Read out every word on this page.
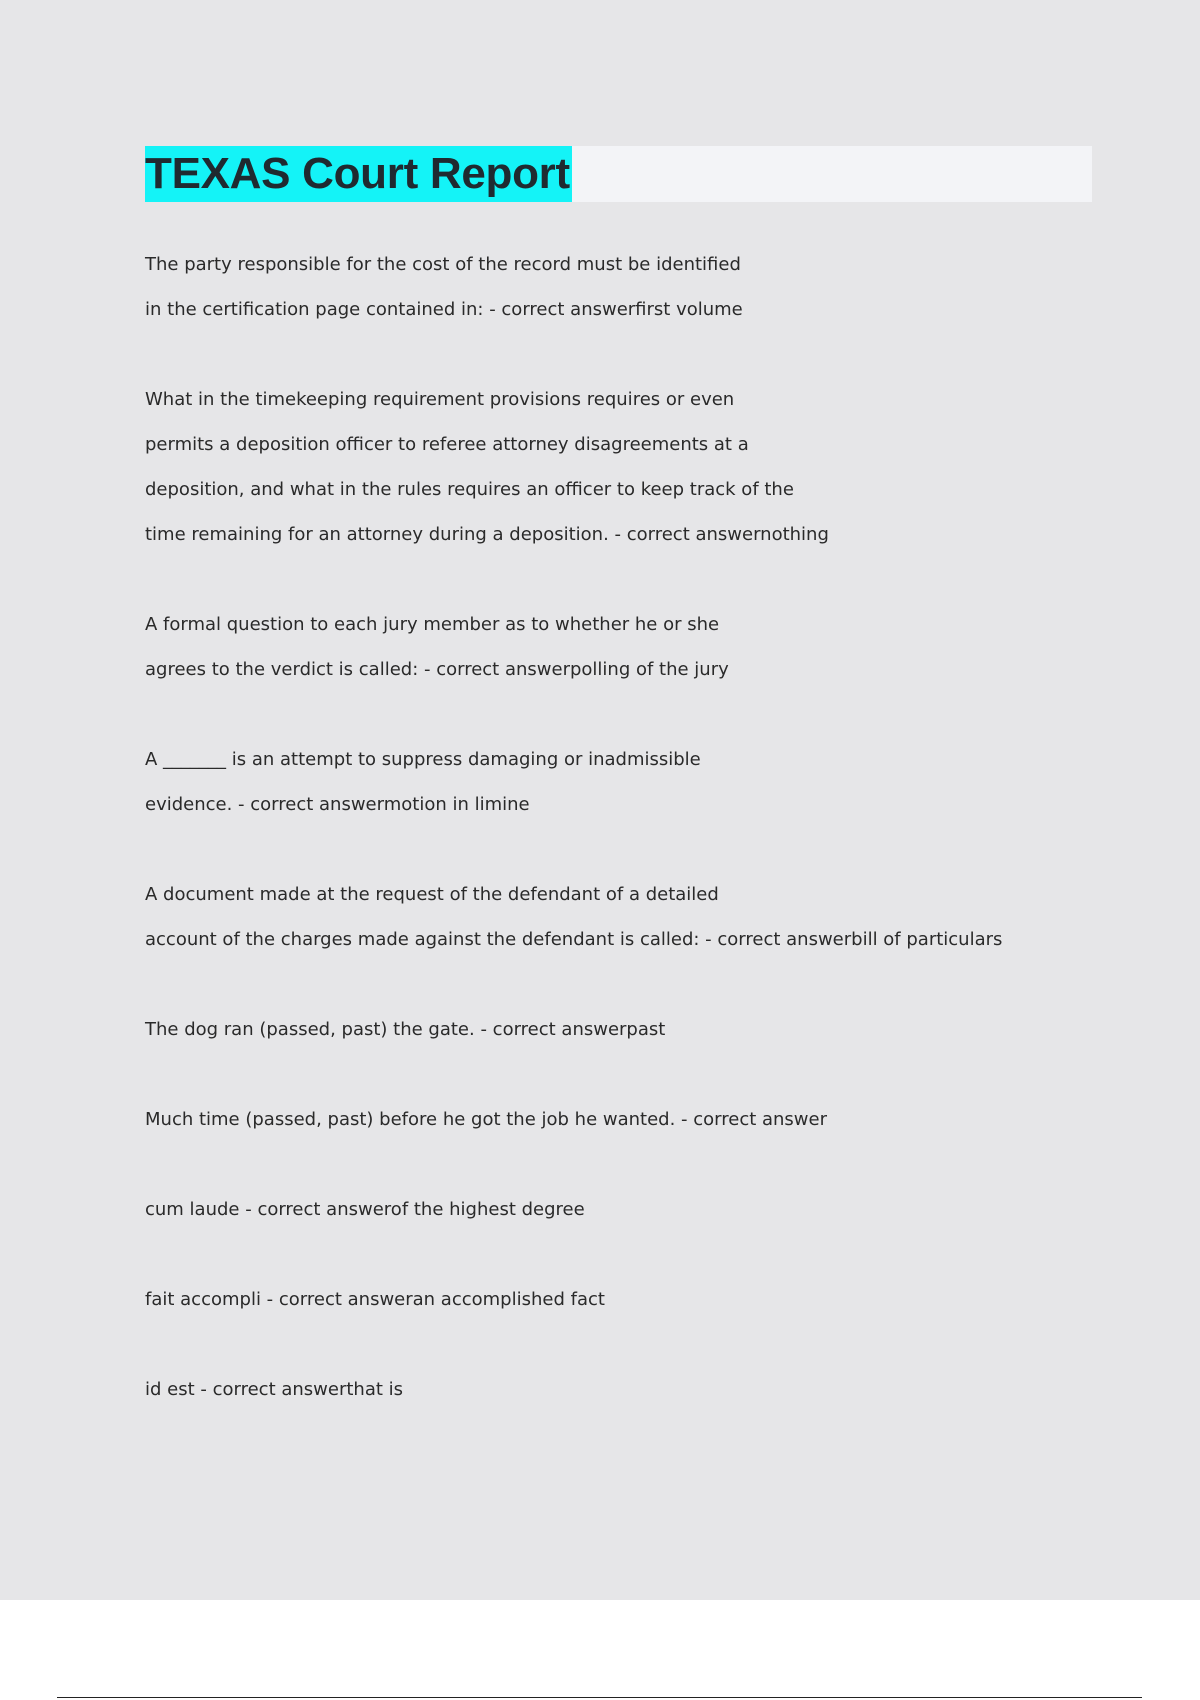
TEXAS Court Report
The party responsible for the cost of the record must be identified
in the certification page contained in: - correct answerfirst volume
What in the timekeeping requirement provisions requires or even
permits a deposition officer to referee attorney disagreements at a
deposition, and what in the rules requires an officer to keep track of the
time remaining for an attorney during a deposition. - correct answernothing
A formal question to each jury member as to whether he or she
agrees to the verdict is called: - correct answerpolling of the jury
A _______ is an attempt to suppress damaging or inadmissible
evidence. - correct answermotion in limine
A document made at the request of the defendant of a detailed
account of the charges made against the defendant is called: - correct answerbill of particulars
The dog ran (passed, past) the gate. - correct answerpast
Much time (passed, past) before he got the job he wanted. - correct answer
cum laude - correct answerof the highest degree
fait accompli - correct answeran accomplished fact
id est - correct answerthat is
